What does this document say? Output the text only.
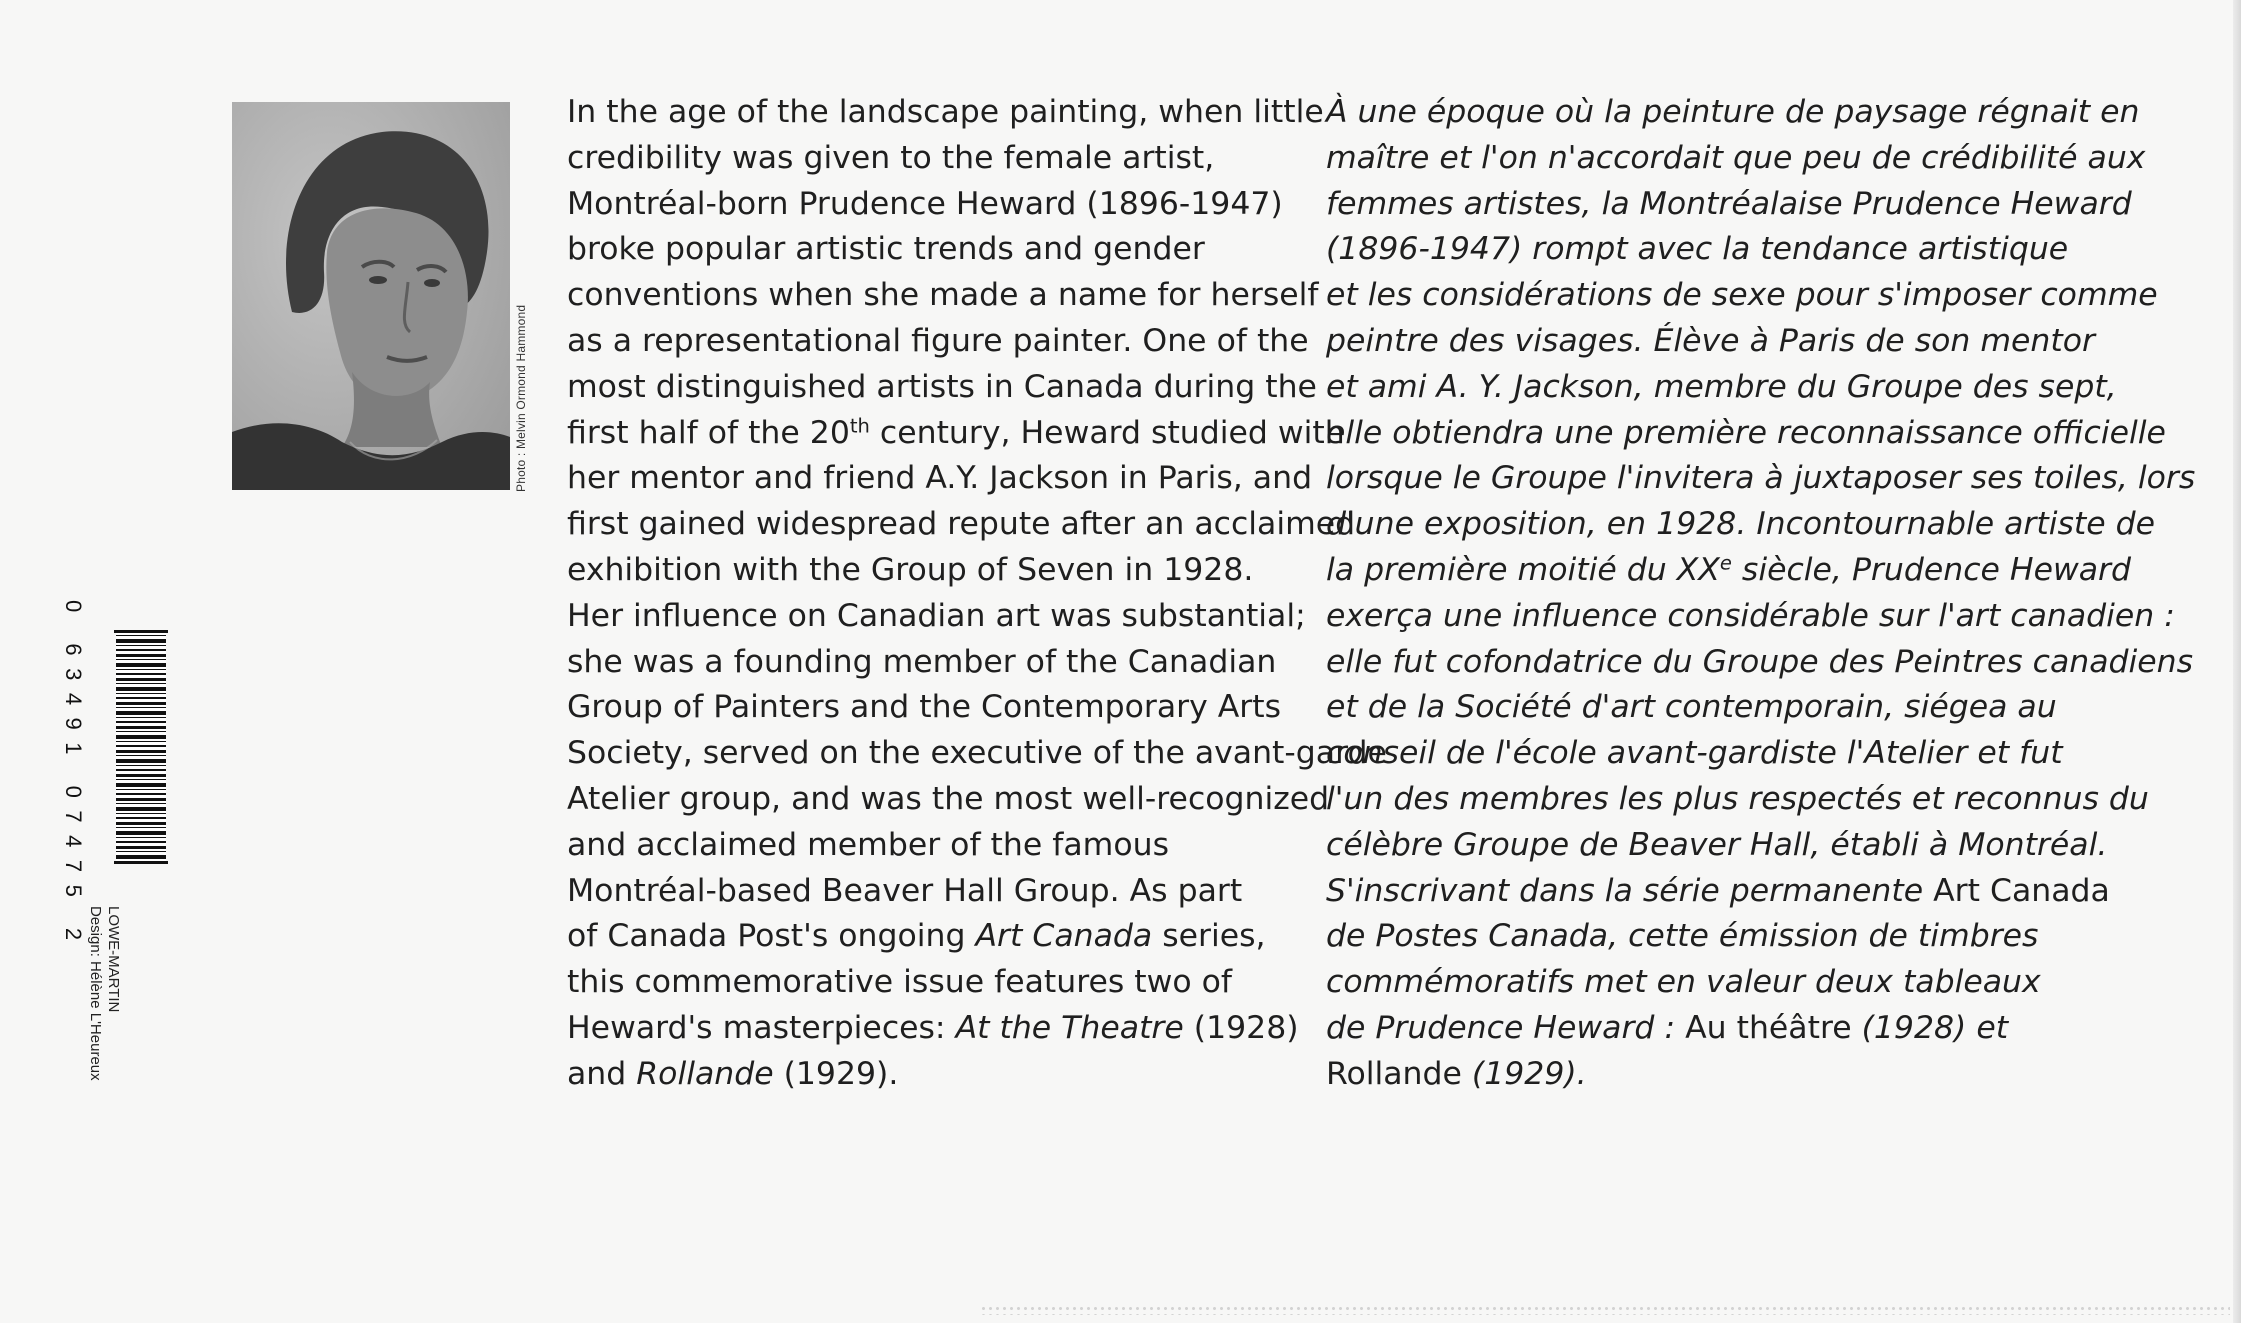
Photo : Melvin Ormond Hammond
0 63491 07475 2
LOWE-MARTIN
Design: Hélène L'Heureux
In the age of the landscape painting, when little
credibility was given to the female artist,
Montréal-born Prudence Heward (1896-1947)
broke popular artistic trends and gender
conventions when she made a name for herself
as a representational figure painter. One of the
most distinguished artists in Canada during the
first half of the 20th century, Heward studied with
her mentor and friend A.Y. Jackson in Paris, and
first gained widespread repute after an acclaimed
exhibition with the Group of Seven in 1928.
Her influence on Canadian art was substantial;
she was a founding member of the Canadian
Group of Painters and the Contemporary Arts
Society, served on the executive of the avant-garde
Atelier group, and was the most well-recognized
and acclaimed member of the famous
Montréal-based Beaver Hall Group. As part
of Canada Post's ongoing Art Canada series,
this commemorative issue features two of
Heward's masterpieces: At the Theatre (1928)
and Rollande (1929).
À une époque où la peinture de paysage régnait en
maître et l'on n'accordait que peu de crédibilité aux
femmes artistes, la Montréalaise Prudence Heward
(1896-1947) rompt avec la tendance artistique
et les considérations de sexe pour s'imposer comme
peintre des visages. Élève à Paris de son mentor
et ami A. Y. Jackson, membre du Groupe des sept,
elle obtiendra une première reconnaissance officielle
lorsque le Groupe l'invitera à juxtaposer ses toiles, lors
d'une exposition, en 1928. Incontournable artiste de
la première moitié du XXe siècle, Prudence Heward
exerça une influence considérable sur l'art canadien :
elle fut cofondatrice du Groupe des Peintres canadiens
et de la Société d'art contemporain, siégea au
conseil de l'école avant-gardiste l'Atelier et fut
l'un des membres les plus respectés et reconnus du
célèbre Groupe de Beaver Hall, établi à Montréal.
S'inscrivant dans la série permanente Art Canada
de Postes Canada, cette émission de timbres
commémoratifs met en valeur deux tableaux
de Prudence Heward : Au théâtre (1928) et
Rollande (1929).
